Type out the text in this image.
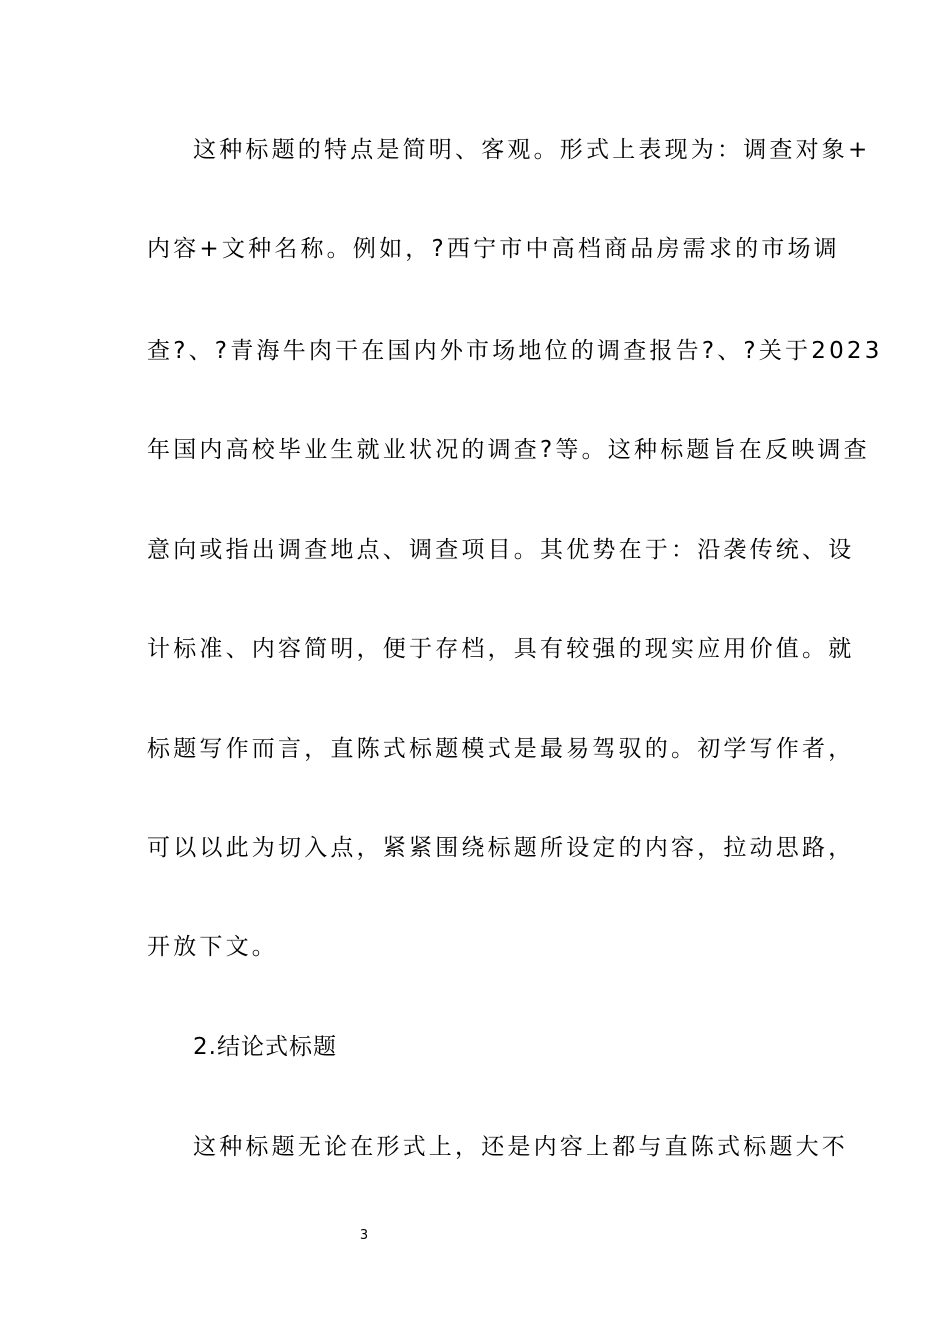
这种标题的特点是简明、客观。形式上表现为：调查对象+
内容+文种名称。例如，?西宁市中高档商品房需求的市场调
查?、?青海牛肉干在国内外市场地位的调查报告?、?关于2023
年国内高校毕业生就业状况的调查?等。这种标题旨在反映调查
意向或指出调查地点、调查项目。其优势在于：沿袭传统、设
计标准、内容简明，便于存档，具有较强的现实应用价值。就
标题写作而言，直陈式标题模式是最易驾驭的。初学写作者，
可以以此为切入点，紧紧围绕标题所设定的内容，拉动思路，
开放下文。
2.结论式标题
这种标题无论在形式上，还是内容上都与直陈式标题大不
3
